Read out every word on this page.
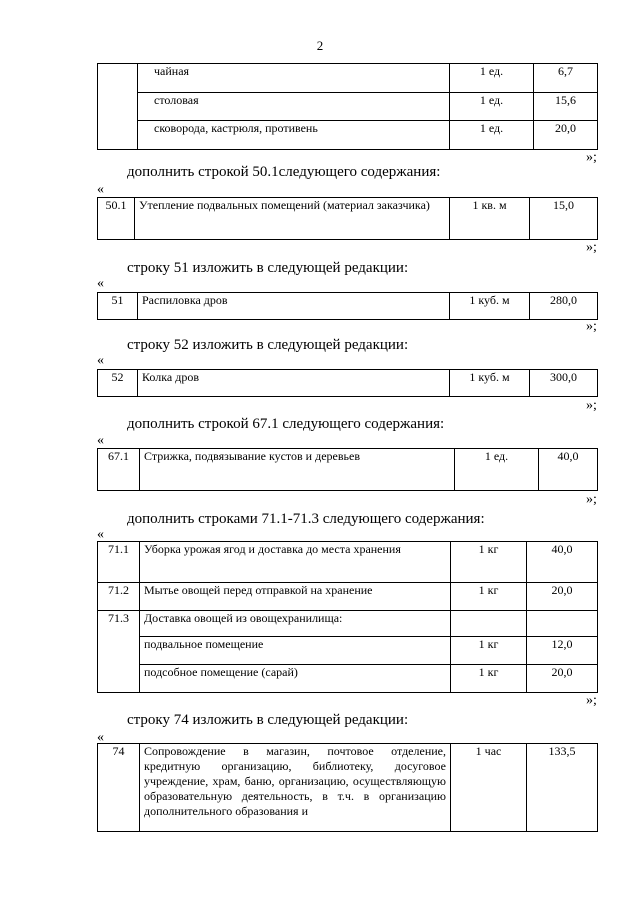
2
	чайная	1 ед.	6,7
	столовая	1 ед.	15,6
	сковорода, кастрюля, противень	1 ед.	20,0
»;
дополнить строкой 50.1следующего содержания:
«
50.1	Утепление подвальных помещений (материал заказчика)	1 кв. м	15,0
»;
строку 51 изложить в следующей редакции:
«
51	Распиловка дров	1 куб. м	280,0
»;
строку 52 изложить в следующей редакции:
«
52	Колка дров	1 куб. м	300,0
»;
дополнить строкой 67.1 следующего содержания:
«
67.1	Стрижка, подвязывание кустов и деревьев	1 ед.	40,0
»;
дополнить строками 71.1-71.3 следующего содержания:
«
71.1	Уборка урожая ягод и доставка до места хранения	1 кг	40,0
71.2	Мытье овощей перед отправкой на хранение	1 кг	20,0
71.3	Доставка овощей из овощехранилища:		
	подвальное помещение	1 кг	12,0
	подсобное помещение (сарай)	1 кг	20,0
»;
строку 74 изложить в следующей редакции:
«
74	Сопровождение в магазин, почтовое отделение, кредитную организацию, библиотеку, досуговое учреждение, храм, баню, организацию, осуществляющую образовательную деятельность, в т.ч. в организацию дополнительного образования и	1 час	133,5
